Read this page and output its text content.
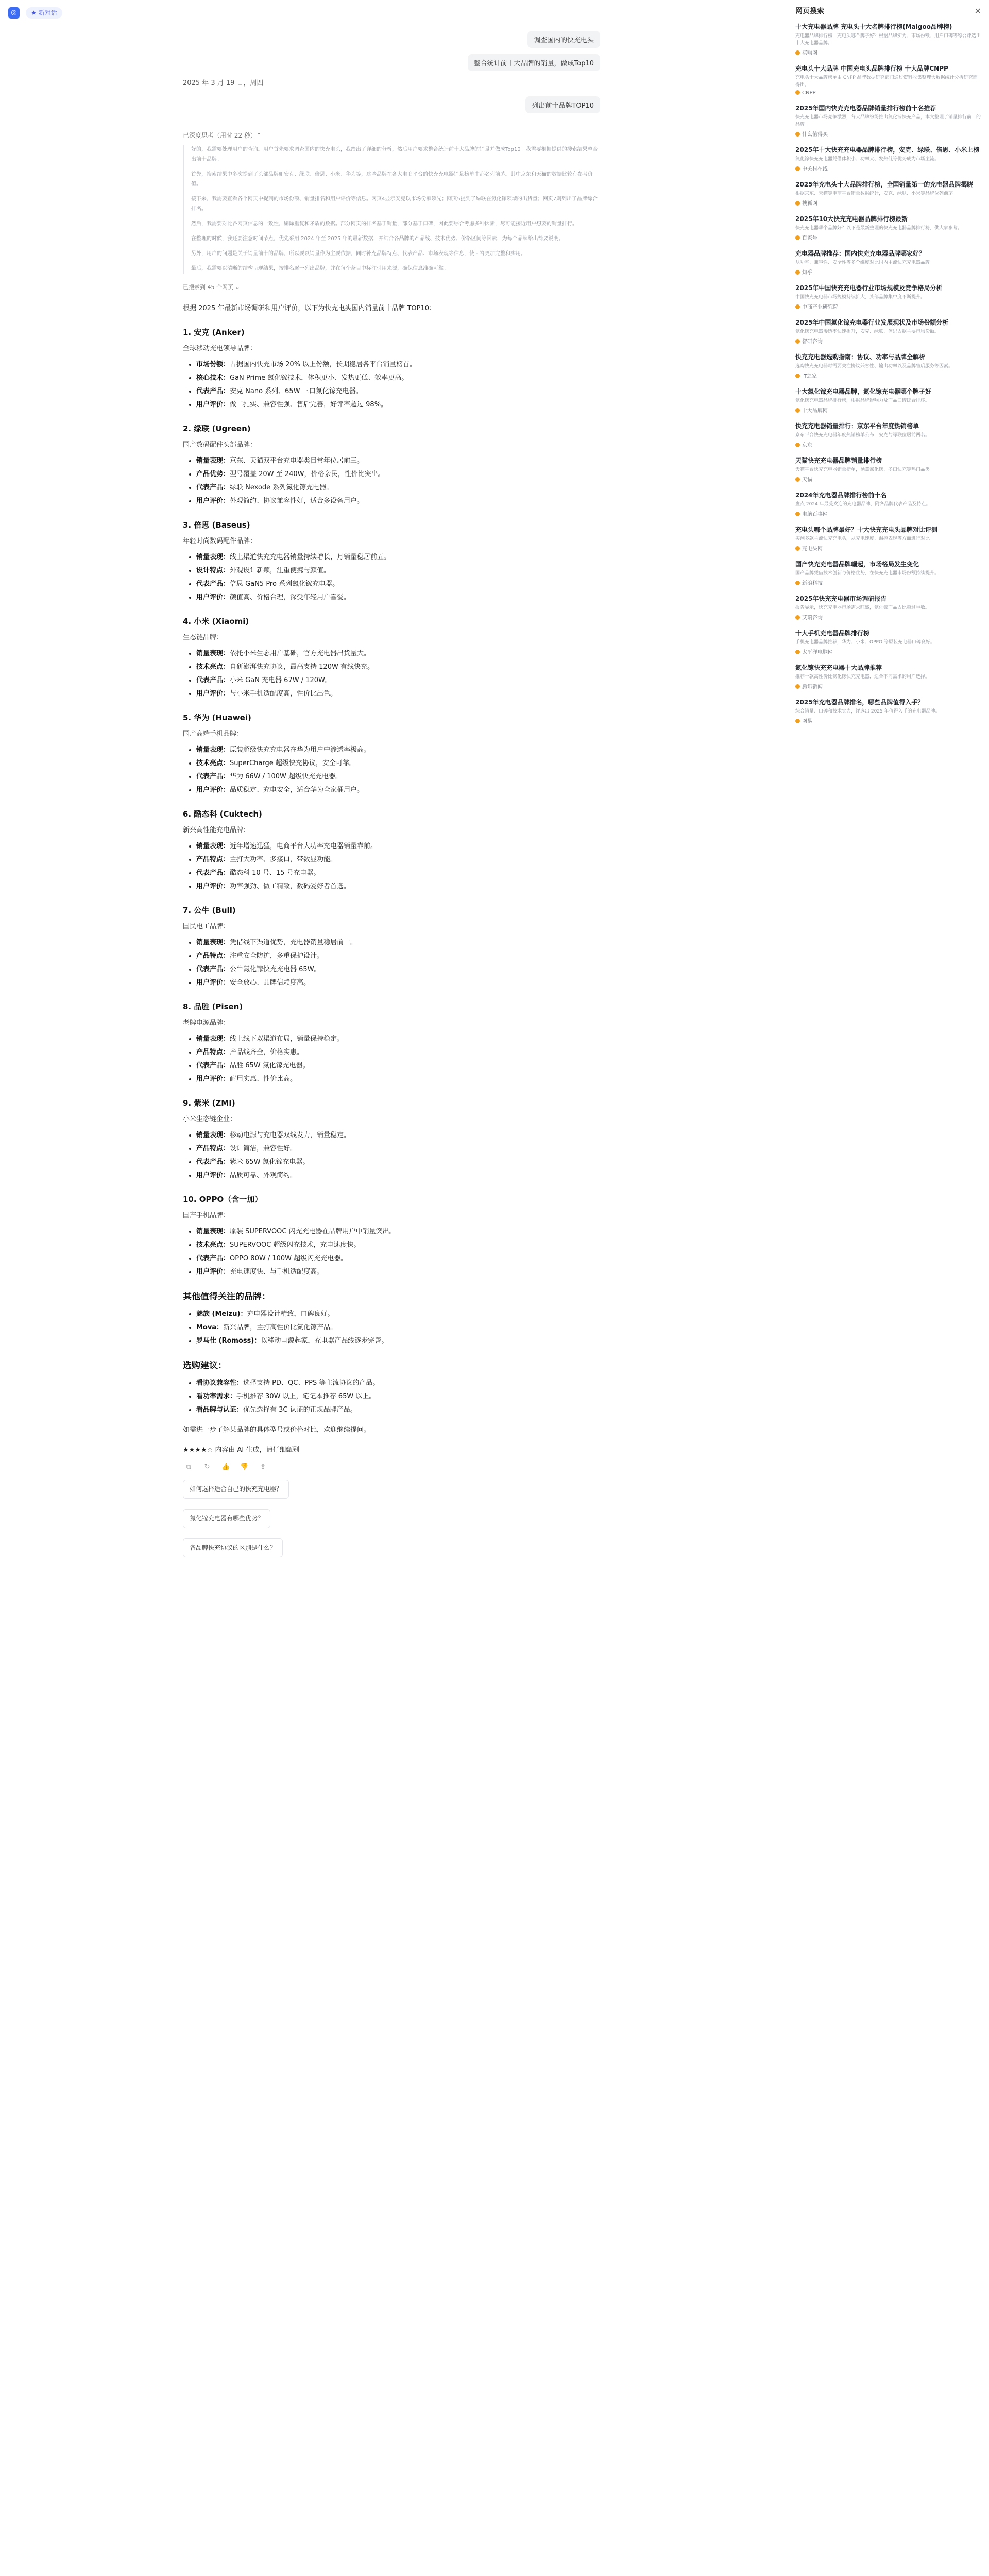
◎	★ 新对话
调查国内的快充电头
整合统计前十大品牌的销量，做成Top10
2025 年 3 月 19 日，周四
列出前十品牌TOP10
已深度思考（用时 22 秒）⌃

好的，我需要处理用户的查询。用户首先要求调查国内的快充电头，我给出了详细的分析，然后用户要求整合统计前十大品牌的销量并做成Top10。我需要根据提供的搜索结果整合出前十品牌。

首先，搜索结果中多次提到了头部品牌如安克、绿联、倍思、小米、华为等，这些品牌在各大电商平台的快充充电器销量榜单中都名列前茅。其中京东和天猫的数据比较有参考价值。

接下来，我需要查看各个网页中提到的市场份额、销量排名和用户评价等信息。网页4显示安克以市场份额领先；网页5提到了绿联在氮化镓领域的出货量；网页7则列出了品牌综合排名。

然后，我需要对比各网页信息的一致性，剔除重复和矛盾的数据。部分网页的排名基于销量，部分基于口碑，因此要综合考虑多种因素，尽可能接近用户想要的销量排行。

在整理的时候，我还要注意时间节点，优先采用 2024 年至 2025 年的最新数据，并结合各品牌的产品线、技术优势、价格区间等因素，为每个品牌给出简要说明。

另外，用户的问题是关于销量前十的品牌，所以要以销量作为主要依据，同时补充品牌特点、代表产品、市场表现等信息，使回答更加完整和实用。

最后，我需要以清晰的结构呈现结果，按排名逐一列出品牌，并在每个条目中标注引用来源，确保信息准确可靠。

已搜索到 45 个网页 ⌄
根据 2025 年最新市场调研和用户评价，以下为快充电头国内销量前十品牌 TOP10：
1. 安克 (Anker)
全球移动充电领导品牌：
• 市场份额：占据国内快充市场 20% 以上份额，长期稳居各平台销量榜首。
• 核心技术：GaN Prime 氮化镓技术，体积更小、发热更低、效率更高。
• 代表产品：安克 Nano 系列、65W 三口氮化镓充电器。
• 用户评价：做工扎实、兼容性强、售后完善，好评率超过 98%。
2. 绿联 (Ugreen)
国产数码配件头部品牌：
• 销量表现：京东、天猫双平台充电器类目常年位居前三。
• 产品优势：型号覆盖 20W 至 240W，价格亲民，性价比突出。
• 代表产品：绿联 Nexode 系列氮化镓充电器。
• 用户评价：外观简约、协议兼容性好，适合多设备用户。
3. 倍思 (Baseus)
年轻时尚数码配件品牌：
• 销量表现：线上渠道快充充电器销量持续增长，月销量稳居前五。
• 设计特点：外观设计新颖，注重便携与颜值。
• 代表产品：倍思 GaN5 Pro 系列氮化镓充电器。
• 用户评价：颜值高、价格合理，深受年轻用户喜爱。
4. 小米 (Xiaomi)
生态链品牌：
• 销量表现：依托小米生态用户基础，官方充电器出货量大。
• 技术亮点：自研澎湃快充协议，最高支持 120W 有线快充。
• 代表产品：小米 GaN 充电器 67W / 120W。
• 用户评价：与小米手机适配度高，性价比出色。
5. 华为 (Huawei)
国产高端手机品牌：
• 销量表现：原装超级快充充电器在华为用户中渗透率极高。
• 技术亮点：SuperCharge 超级快充协议，安全可靠。
• 代表产品：华为 66W / 100W 超级快充充电器。
• 用户评价：品质稳定、充电安全，适合华为全家桶用户。
6. 酷态科 (Cuktech)
新兴高性能充电品牌：
• 销量表现：近年增速迅猛，电商平台大功率充电器销量靠前。
• 产品特点：主打大功率、多接口，带数显功能。
• 代表产品：酷态科 10 号、15 号充电器。
• 用户评价：功率强劲、做工精致，数码爱好者首选。
7. 公牛 (Bull)
国民电工品牌：
• 销量表现：凭借线下渠道优势，充电器销量稳居前十。
• 产品特点：注重安全防护，多重保护设计。
• 代表产品：公牛氮化镓快充充电器 65W。
• 用户评价：安全放心、品牌信赖度高。
8. 品胜 (Pisen)
老牌电源品牌：
• 销量表现：线上线下双渠道布局，销量保持稳定。
• 产品特点：产品线齐全，价格实惠。
• 代表产品：品胜 65W 氮化镓充电器。
• 用户评价：耐用实惠、性价比高。
9. 紫米 (ZMI)
小米生态链企业：
• 销量表现：移动电源与充电器双线发力，销量稳定。
• 产品特点：设计简洁，兼容性好。
• 代表产品：紫米 65W 氮化镓充电器。
• 用户评价：品质可靠、外观简约。
10. OPPO（含一加）
国产手机品牌：
• 销量表现：原装 SUPERVOOC 闪充充电器在品牌用户中销量突出。
• 技术亮点：SUPERVOOC 超级闪充技术，充电速度快。
• 代表产品：OPPO 80W / 100W 超级闪充充电器。
• 用户评价：充电速度快、与手机适配度高。
其他值得关注的品牌：
• 魅族 (Meizu)：充电器设计精致，口碑良好。
• Mova：新兴品牌，主打高性价比氮化镓产品。
• 罗马仕 (Romoss)：以移动电源起家，充电器产品线逐步完善。
选购建议：
• 看协议兼容性：选择支持 PD、QC、PPS 等主流协议的产品。
• 看功率需求：手机推荐 30W 以上，笔记本推荐 65W 以上。
• 看品牌与认证：优先选择有 3C 认证的正规品牌产品。
如需进一步了解某品牌的具体型号或价格对比，欢迎继续提问。
★★★★☆ 内容由 AI 生成，请仔细甄别
⧉ ↻ 👍 👎 ⇪
如何选择适合自己的快充充电器？
氮化镓充电器有哪些优势？
各品牌快充协议的区别是什么？
网页搜索	✕
十大充电器品牌 充电头十大名牌排行榜(Maigoo品牌榜)
充电器品牌排行榜，充电头哪个牌子好？根据品牌实力、市场份额、用户口碑等综合评选出十大充电器品牌。
买购网
充电头十大品牌 中国充电头品牌排行榜 十大品牌CNPP
充电头十大品牌榜单由 CNPP 品牌数据研究部门通过资料收集整理大数据统计分析研究而得出。
CNPP
2025年国内快充充电器品牌销量排行榜前十名推荐
快充充电器市场竞争激烈，各大品牌纷纷推出氮化镓快充产品，本文整理了销量排行前十的品牌。
什么值得买
2025年十大快充充电器品牌排行榜，安克、绿联、倍思、小米上榜
氮化镓快充充电器凭借体积小、功率大、发热低等优势成为市场主流。
中关村在线
2025年充电头十大品牌排行榜，全国销量第一的充电器品牌揭晓
根据京东、天猫等电商平台销量数据统计，安克、绿联、小米等品牌位列前茅。
搜狐网
2025年10大快充充电器品牌排行榜最新
快充充电器哪个品牌好？以下是最新整理的快充充电器品牌排行榜，供大家参考。
百家号
充电器品牌推荐：国内快充充电器品牌哪家好？
从功率、兼容性、安全性等多个维度对比国内主流快充充电器品牌。
知乎
2025年中国快充充电器行业市场规模及竞争格局分析
中国快充充电器市场规模持续扩大，头部品牌集中度不断提升。
中商产业研究院
2025年中国氮化镓充电器行业发展现状及市场份额分析
氮化镓充电器渗透率快速提升，安克、绿联、倍思占据主要市场份额。
智研咨询
快充充电器选购指南：协议、功率与品牌全解析
选购快充充电器时需要关注协议兼容性、输出功率以及品牌售后服务等因素。
IT之家
十大氮化镓充电器品牌，氮化镓充电器哪个牌子好
氮化镓充电器品牌排行榜，根据品牌影响力及产品口碑综合排序。
十大品牌网
快充充电器销量排行：京东平台年度热销榜单
京东平台快充充电器年度热销榜单公布，安克与绿联位居前两名。
京东
天猫快充充电器品牌销量排行榜
天猫平台快充充电器销量榜单，涵盖氮化镓、多口快充等热门品类。
天猫
2024年充电器品牌排行榜前十名
盘点 2024 年最受欢迎的充电器品牌，附各品牌代表产品及特点。
电脑百事网
充电头哪个品牌最好？十大快充充电头品牌对比评测
实测多款主流快充充电头，从充电速度、温控表现等方面进行对比。
充电头网
国产快充充电器品牌崛起，市场格局发生变化
国产品牌凭借技术创新与价格优势，在快充充电器市场份额持续提升。
新浪科技
2025年快充充电器市场调研报告
报告显示，快充充电器市场需求旺盛，氮化镓产品占比超过半数。
艾瑞咨询
十大手机充电器品牌排行榜
手机充电器品牌推荐，华为、小米、OPPO 等原装充电器口碑良好。
太平洋电脑网
氮化镓快充充电器十大品牌推荐
推荐十款高性价比氮化镓快充充电器，适合不同需求的用户选择。
腾讯新闻
2025年充电器品牌排名，哪些品牌值得入手？
综合销量、口碑和技术实力，评选出 2025 年值得入手的充电器品牌。
网易
